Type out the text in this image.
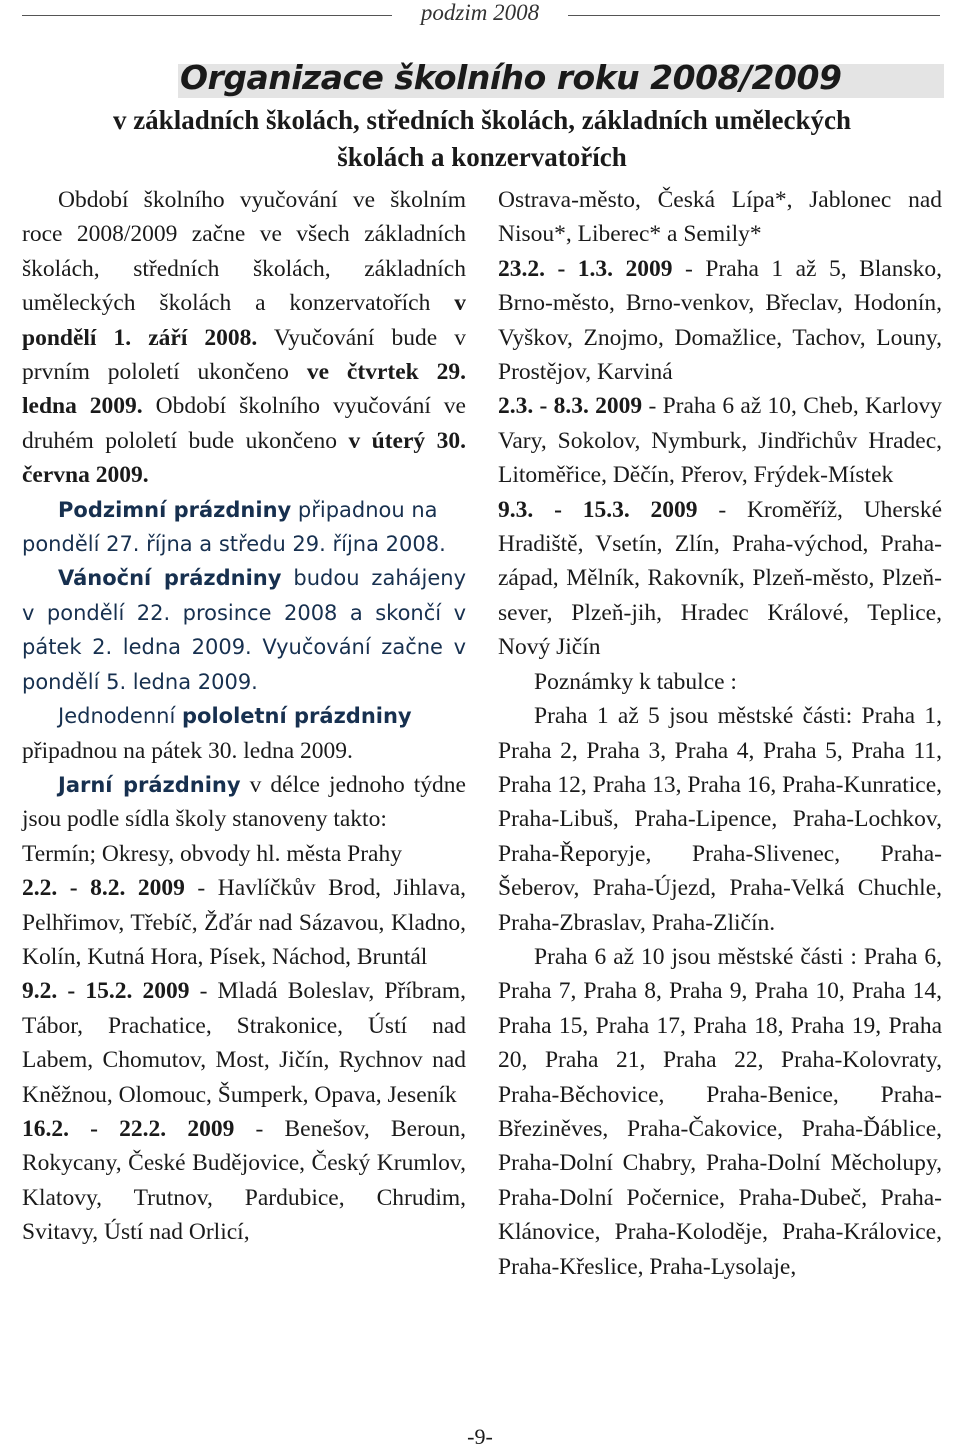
podzim 2008
Organizace školního roku 2008/2009
v základních školách, středních školách, základních uměleckých
školách a konzervatořích

Období školního vyučování ve školním roce 2008/2009 začne ve všech základních školách, středních školách, základních uměleckých školách a konzervatořích v pondělí 1. září 2008. Vyučování bude v prvním pololetí ukončeno ve čtvrtek 29. ledna 2009. Období školního vyučování ve druhém pololetí bude ukončeno v úterý 30. června 2009.

Podzimní prázdniny připadnou na
pondělí 27. října a středu 29. října 2008.

Vánoční prázdniny budou zahájeny v pondělí 22. prosince 2008 a skončí v pátek 2. ledna 2009. Vyučování začne v pondělí 5. ledna 2009.

Jednodenní pololetní prázdniny
připadnou na pátek 30. ledna 2009.

Jarní prázdniny v délce jednoho týdne jsou podle sídla školy stanoveny takto:

Termín; Okresy, obvody hl. města Prahy

2.2. - 8.2. 2009 - Havlíčkův Brod, Jihlava, Pelhřimov, Třebíč, Žďár nad Sázavou, Kladno, Kolín, Kutná Hora, Písek, Náchod, Bruntál

9.2. - 15.2. 2009 - Mladá Boleslav, Příbram, Tábor, Prachatice, Strakonice, Ústí nad Labem, Chomutov, Most, Jičín, Rychnov nad Kněžnou, Olomouc, Šumperk, Opava, Jeseník

16.2. - 22.2. 2009 - Benešov, Beroun, Rokycany, České Budějovice, Český Krumlov, Klatovy, Trutnov, Pardubice, Chrudim, Svitavy, Ústí nad Orlicí,

Ostrava-město, Česká Lípa*, Jablonec nad Nisou*, Liberec* a Semily*

23.2. - 1.3. 2009 - Praha 1 až 5, Blansko, Brno-město, Brno-venkov, Břeclav, Hodonín, Vyškov, Znojmo, Domažlice, Tachov, Louny, Prostějov, Karviná

2.3. - 8.3. 2009 - Praha 6 až 10, Cheb, Karlovy Vary, Sokolov, Nymburk, Jindřichův Hradec, Litoměřice, Děčín, Přerov, Frýdek-Místek

9.3. - 15.3. 2009 - Kroměříž, Uherské Hradiště, Vsetín, Zlín, Praha-východ, Praha-západ, Mělník, Rakovník, Plzeň-město, Plzeň-sever, Plzeň-jih, Hradec Králové, Teplice, Nový Jičín

Poznámky k tabulce :

Praha 1 až 5 jsou městské části: Praha 1, Praha 2, Praha 3, Praha 4, Praha 5, Praha 11, Praha 12, Praha 13, Praha 16, Praha-Kunratice, Praha-Libuš, Praha-Lipence, Praha-Lochkov, Praha-Řeporyje, Praha-Slivenec, Praha-Šeberov, Praha-Újezd, Praha-Velká Chuchle, Praha-Zbraslav, Praha-Zličín.

Praha 6 až 10 jsou městské části : Praha 6, Praha 7, Praha 8, Praha 9, Praha 10, Praha 14, Praha 15, Praha 17, Praha 18, Praha 19, Praha 20, Praha 21, Praha 22, Praha-Kolovraty, Praha-Běchovice, Praha-Benice, Praha-Březiněves, Praha-Čakovice, Praha-Ďáblice, Praha-Dolní Chabry, Praha-Dolní Měcholupy, Praha-Dolní Počernice, Praha-Dubeč, Praha-Klánovice, Praha-Koloděje, Praha-Královice, Praha-Křeslice, Praha-Lysolaje,

-9-
